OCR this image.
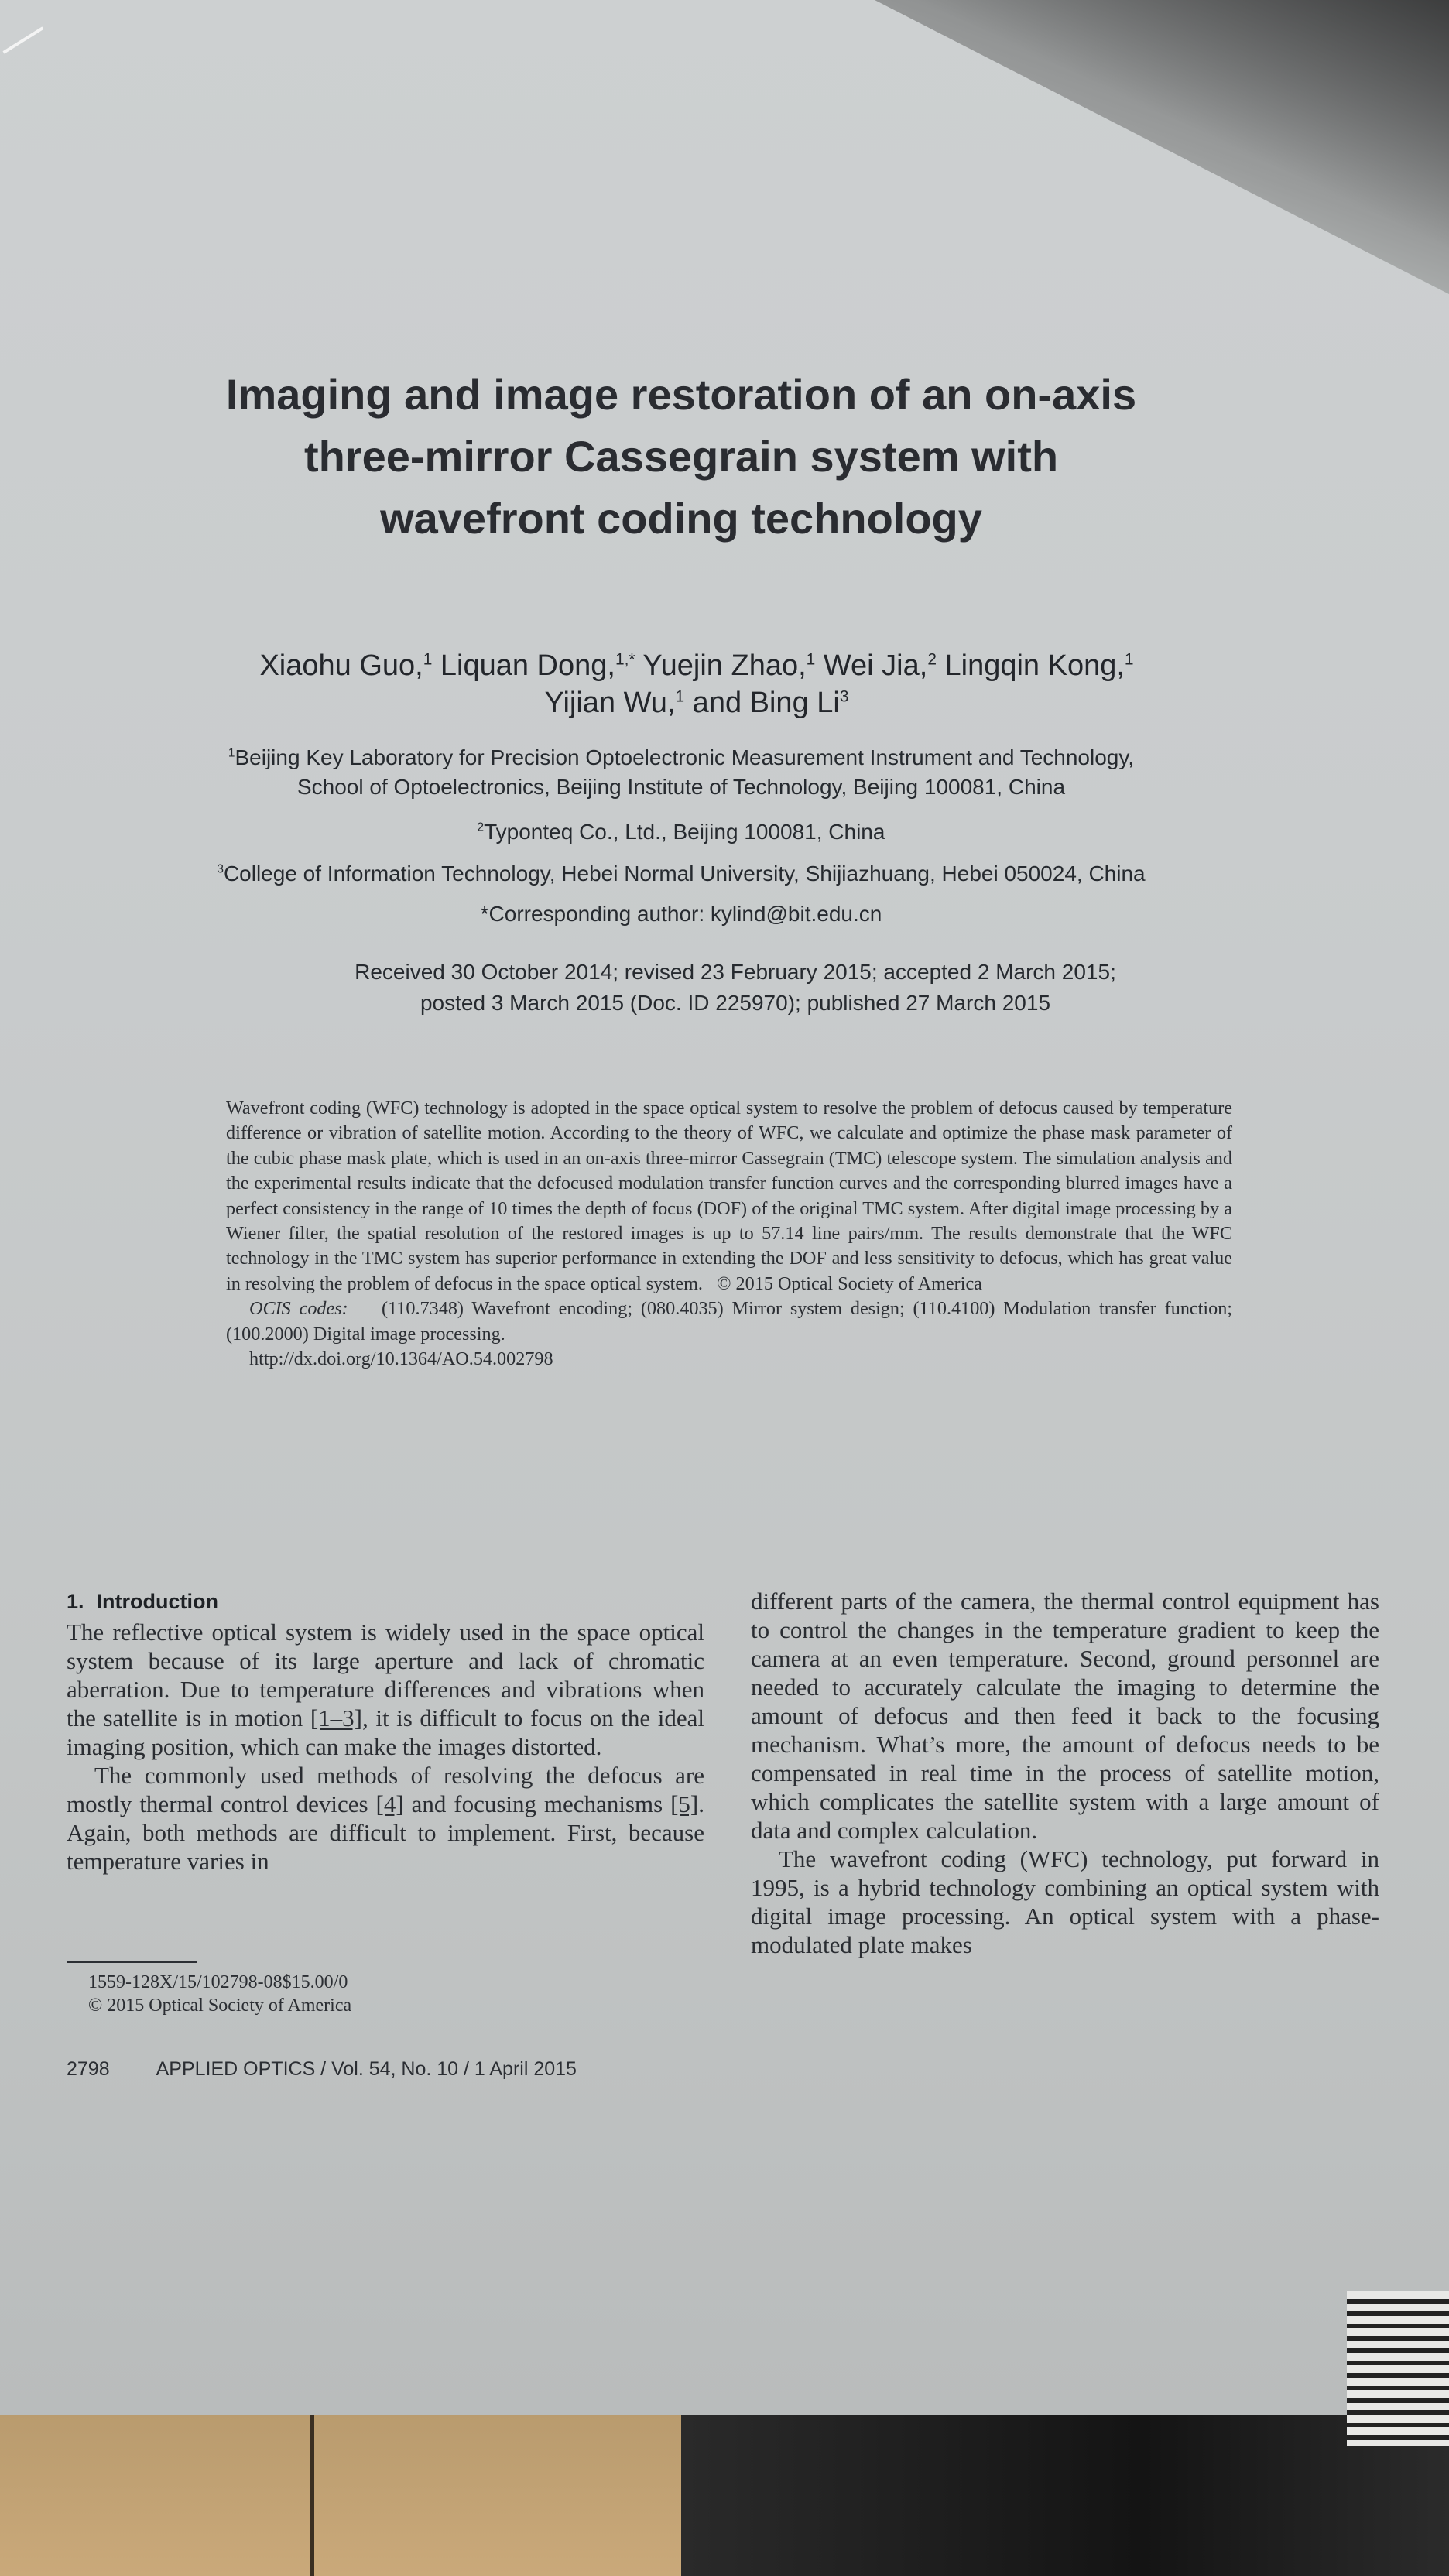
Imaging and image restoration of an on-axis
three-mirror Cassegrain system with
wavefront coding technology
Xiaohu Guo,$^1$ Liquan Dong,$^{1,*}$ Yuejin Zhao,$^1$ Wei Jia,$^2$ Lingqin Kong,$^1$
Yijian Wu,$^1$ and Bing Li$^3$
$^1$Beijing Key Laboratory for Precision Optoelectronic Measurement Instrument and Technology,
School of Optoelectronics, Beijing Institute of Technology, Beijing 100081, China
$^2$Typonteq Co., Ltd., Beijing 100081, China
$^3$College of Information Technology, Hebei Normal University, Shijiazhuang, Hebei 050024, China
*Corresponding author: kylind@bit.edu.cn
Received 30 October 2014; revised 23 February 2015; accepted 2 March 2015;
posted 3 March 2015 (Doc. ID 225970); published 27 March 2015

Wavefront coding (WFC) technology is adopted in the space optical system to resolve the problem of defocus caused by temperature difference or vibration of satellite motion. According to the theory of WFC, we calculate and optimize the phase mask parameter of the cubic phase mask plate, which is used in an on-axis three-mirror Cassegrain (TMC) telescope system. The simulation analysis and the experimental results indicate that the defocused modulation transfer function curves and the corresponding blurred images have a perfect consistency in the range of 10 times the depth of focus (DOF) of the original TMC system. After digital image processing by a Wiener filter, the spatial resolution of the restored images is up to 57.14 line pairs/mm. The results demonstrate that the WFC technology in the TMC system has superior performance in extending the DOF and less sensitivity to defocus, which has great value in resolving the problem of defocus in the space optical system. © 2015 Optical Society of America

OCIS codes: (110.7348) Wavefront encoding; (080.4035) Mirror system design; (110.4100) Modulation transfer function; (100.2000) Digital image processing.

http://dx.doi.org/10.1364/AO.54.002798

1. Introduction

The reflective optical system is widely used in the space optical system because of its large aperture and lack of chromatic aberration. Due to temperature differences and vibrations when the satellite is in motion [1–3], it is difficult to focus on the ideal imaging position, which can make the images distorted.

The commonly used methods of resolving the defocus are mostly thermal control devices [4] and focusing mechanisms [5]. Again, both methods are difficult to implement. First, because temperature varies in

different parts of the camera, the thermal control equipment has to control the changes in the temperature gradient to keep the camera at an even temperature. Second, ground personnel are needed to accurately calculate the imaging to determine the amount of defocus and then feed it back to the focusing mechanism. What’s more, the amount of defocus needs to be compensated in real time in the process of satellite motion, which complicates the satellite system with a large amount of data and complex calculation.

The wavefront coding (WFC) technology, put forward in 1995, is a hybrid technology combining an optical system with digital image processing. An optical system with a phase-modulated plate makes

1559-128X/15/102798-08$15.00/0
© 2015 Optical Society of America
2798 APPLIED OPTICS / Vol. 54, No. 10 / 1 April 2015
